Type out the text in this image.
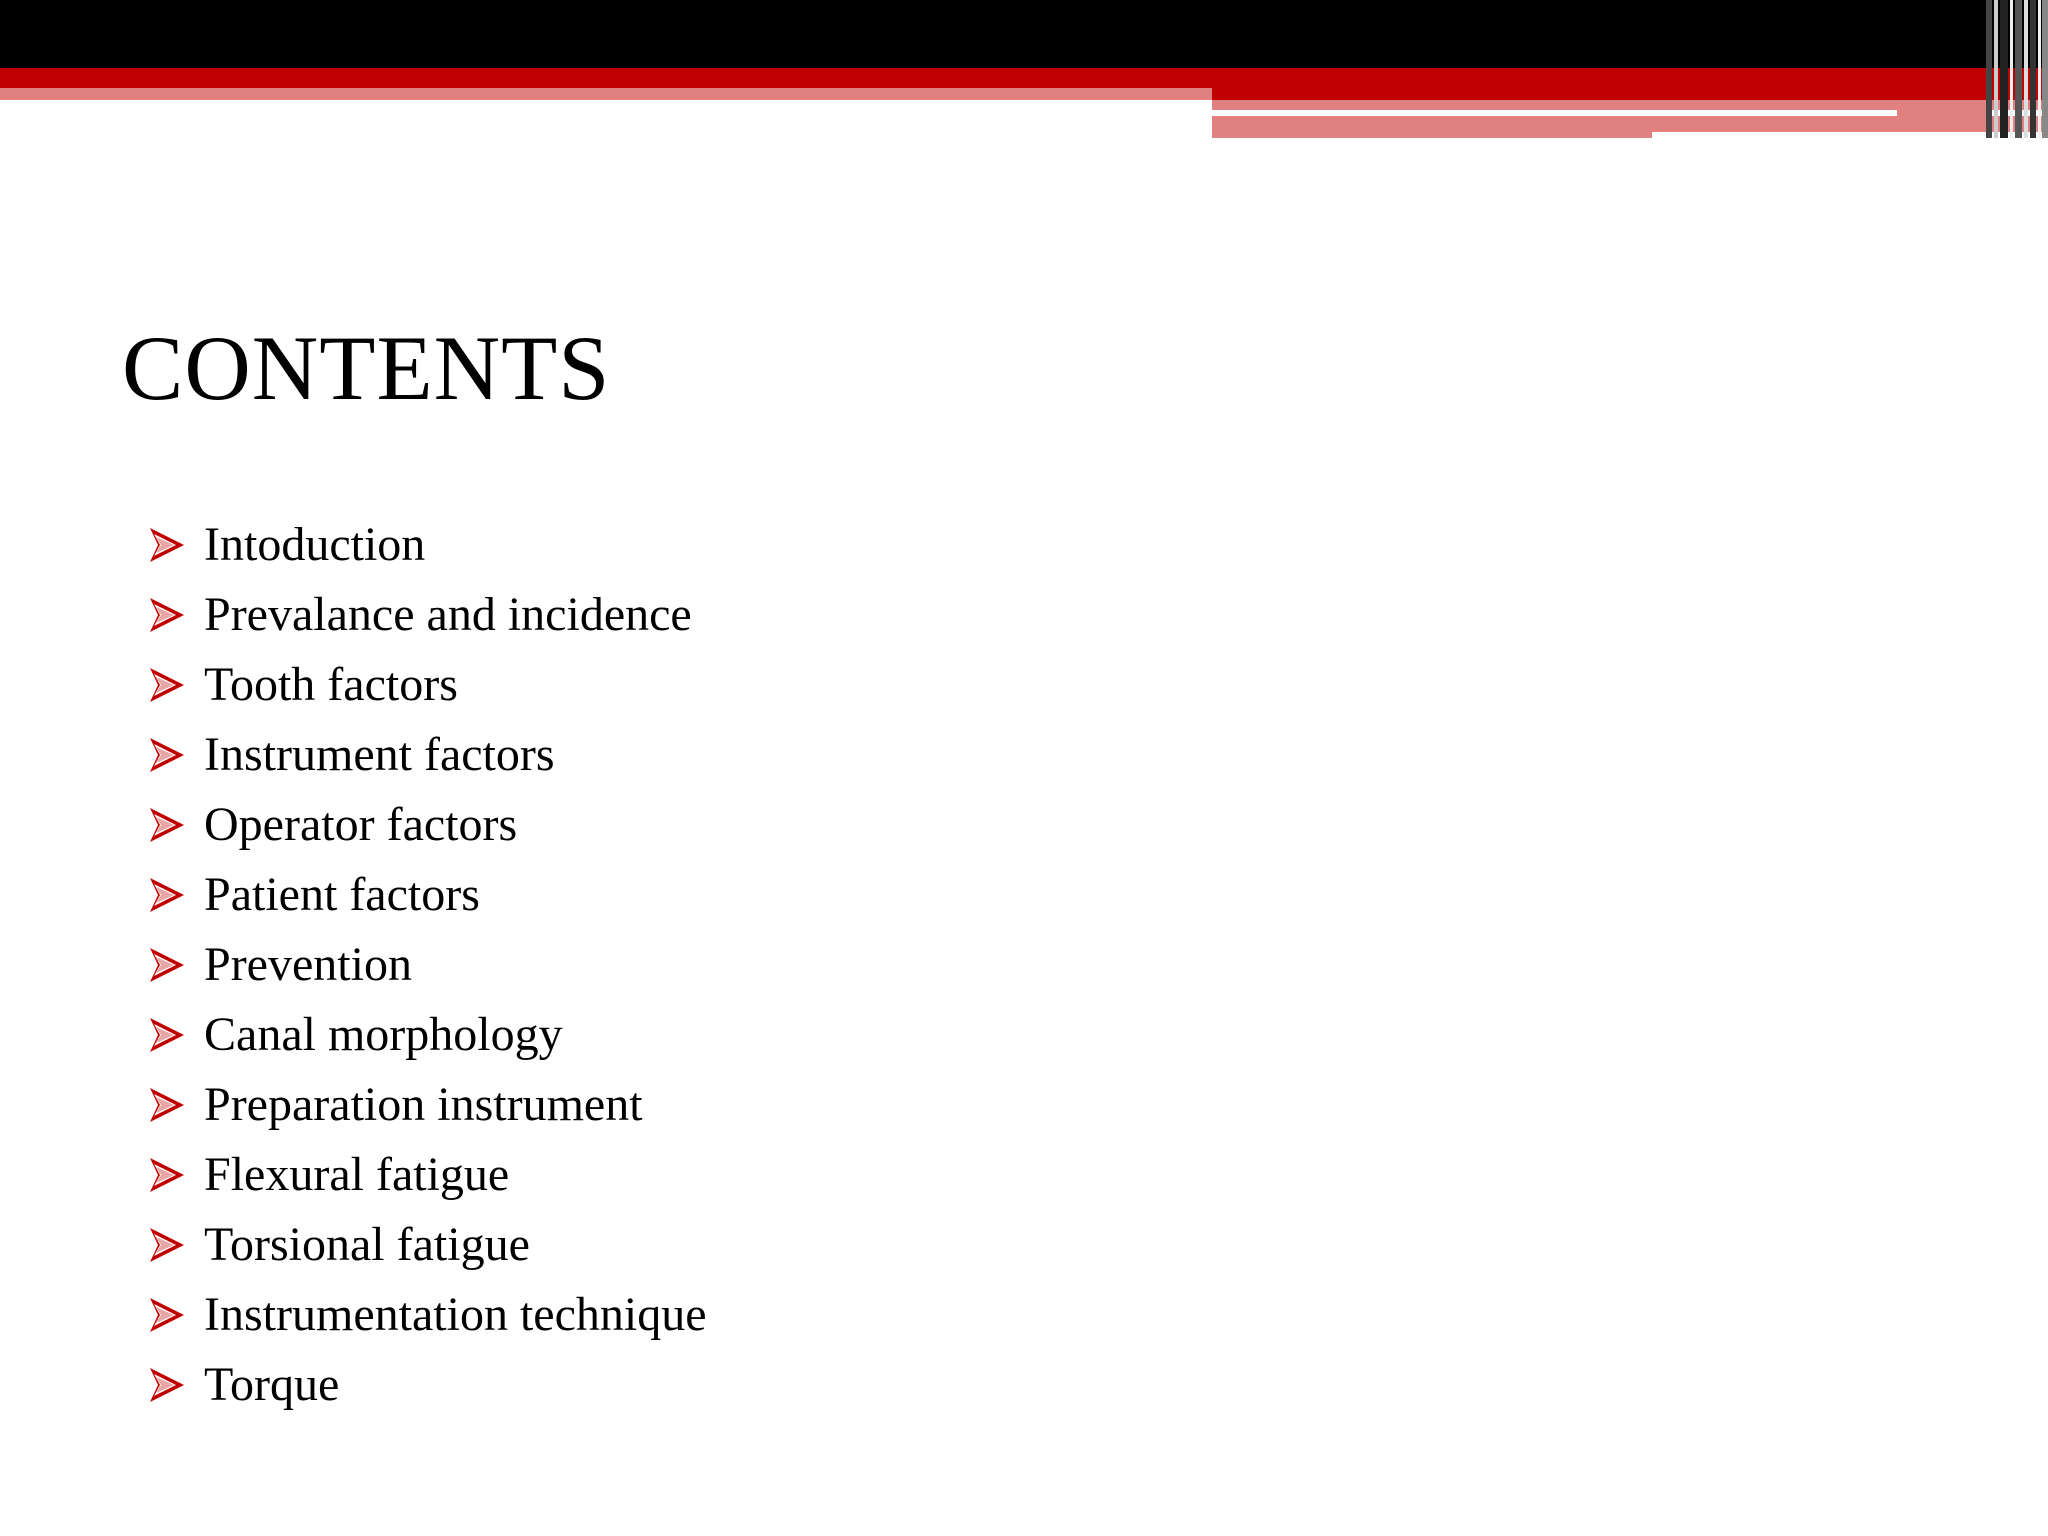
CONTENTS
Intoduction
Prevalance and incidence
Tooth factors
Instrument factors
Operator factors
Patient factors
Prevention
Canal morphology
Preparation instrument
Flexural fatigue
Torsional fatigue
Instrumentation technique
Torque
